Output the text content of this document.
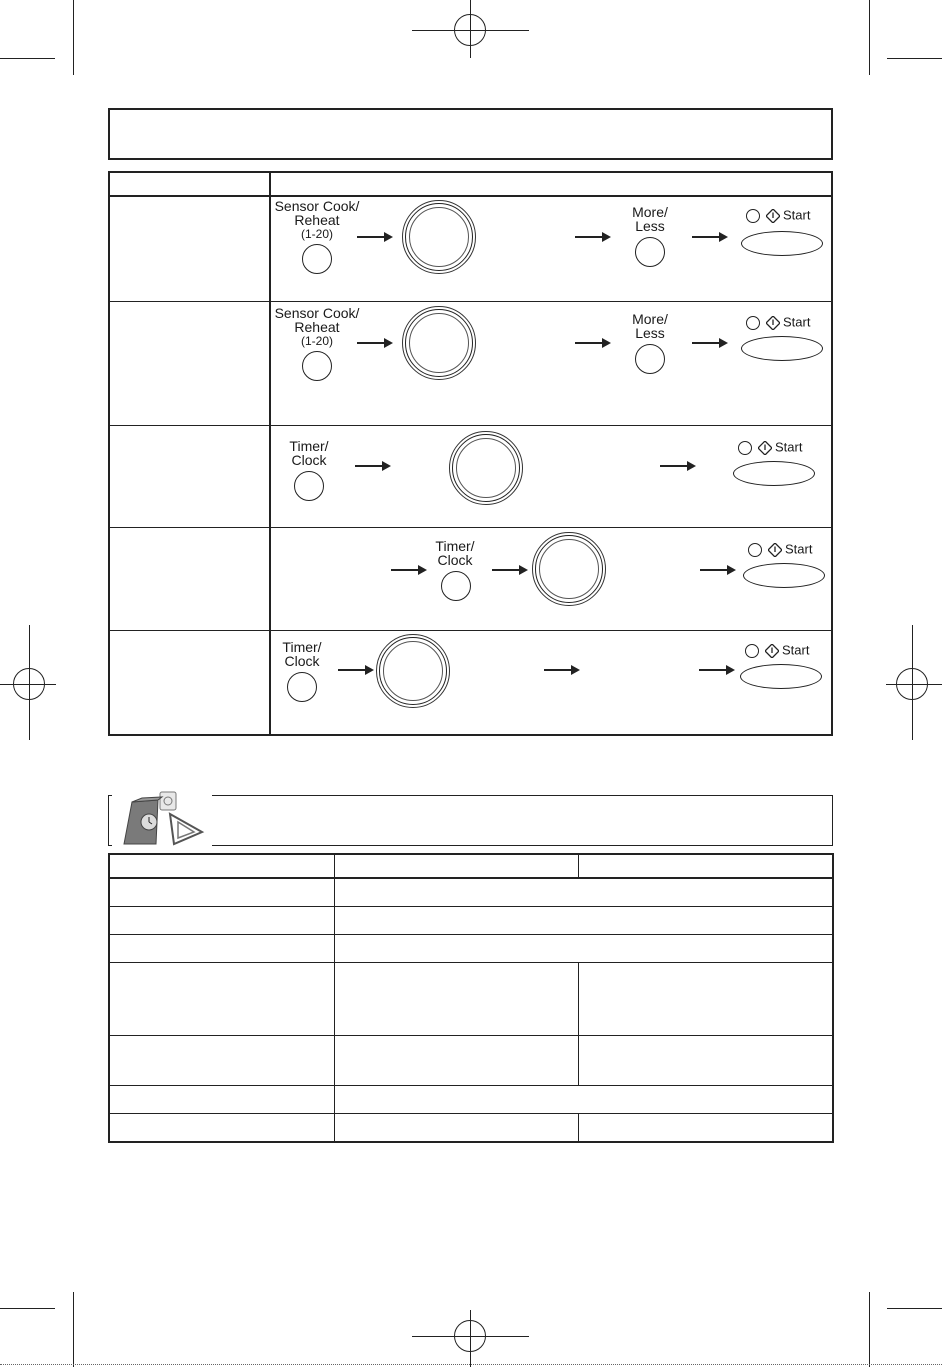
Sensor Cook/
Reheat
(1-20)
More/
Less
Start
Sensor Cook/
Reheat
(1-20)
More/
Less
Start
Timer/
Clock
Start
Timer/
Clock
Start
Timer/
Clock
Start
